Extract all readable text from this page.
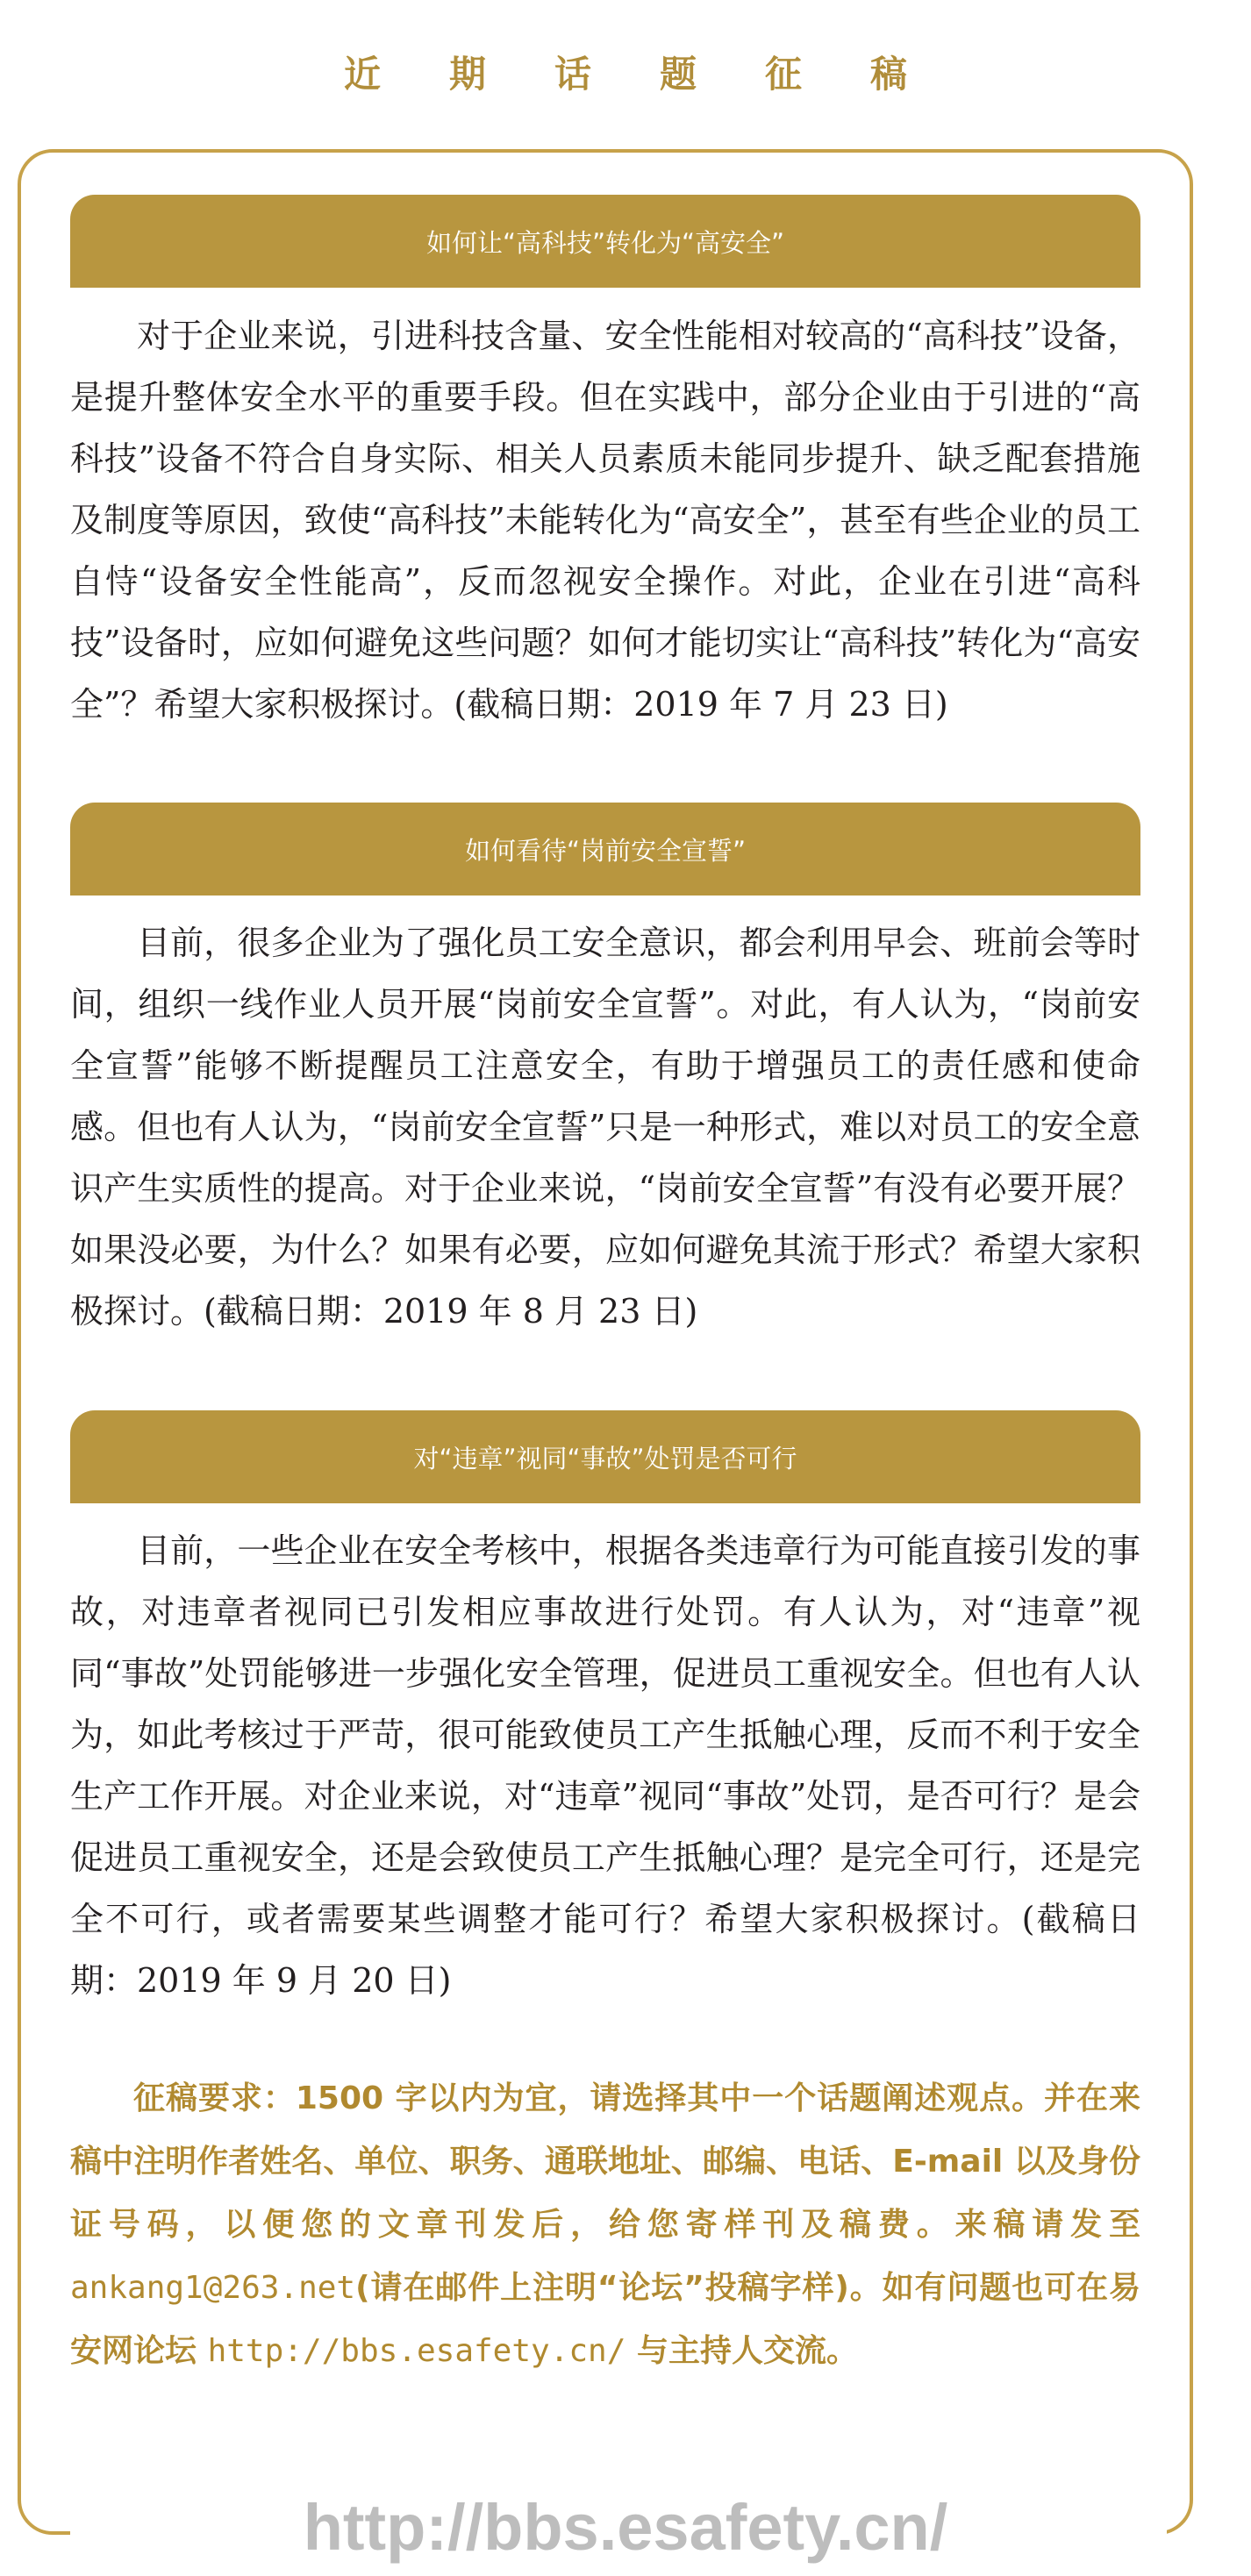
近期话题征稿
如何让“高科技”转化为“高安全”

对于企业来说，引进科技含量、安全性能相对较高的“高科技”设备，是提升整体安全水平的重要手段。但在实践中，部分企业由于引进的“高科技”设备不符合自身实际、相关人员素质未能同步提升、缺乏配套措施及制度等原因，致使“高科技”未能转化为“高安全”，甚至有些企业的员工自恃“设备安全性能高”，反而忽视安全操作。对此，企业在引进“高科技”设备时，应如何避免这些问题？如何才能切实让“高科技”转化为“高安全”？希望大家积极探讨。(截稿日期：2019 年 7 月 23 日)

如何看待“岗前安全宣誓”

目前，很多企业为了强化员工安全意识，都会利用早会、班前会等时间，组织一线作业人员开展“岗前安全宣誓”。对此，有人认为，“岗前安全宣誓”能够不断提醒员工注意安全，有助于增强员工的责任感和使命感。但也有人认为，“岗前安全宣誓”只是一种形式，难以对员工的安全意识产生实质性的提高。对于企业来说，“岗前安全宣誓”有没有必要开展？如果没必要，为什么？如果有必要，应如何避免其流于形式？希望大家积极探讨。(截稿日期：2019 年 8 月 23 日)

对“违章”视同“事故”处罚是否可行

目前，一些企业在安全考核中，根据各类违章行为可能直接引发的事故，对违章者视同已引发相应事故进行处罚。有人认为，对“违章”视同“事故”处罚能够进一步强化安全管理，促进员工重视安全。但也有人认为，如此考核过于严苛，很可能致使员工产生抵触心理，反而不利于安全生产工作开展。对企业来说，对“违章”视同“事故”处罚，是否可行？是会促进员工重视安全，还是会致使员工产生抵触心理？是完全可行，还是完全不可行，或者需要某些调整才能可行？希望大家积极探讨。(截稿日期：2019 年 9 月 20 日)

征稿要求：1500 字以内为宜，请选择其中一个话题阐述观点。并在来稿中注明作者姓名、单位、职务、通联地址、邮编、电话、E-mail 以及身份证号码，以便您的文章刊发后，给您寄样刊及稿费。来稿请发至ankang1@263.net(请在邮件上注明“论坛”投稿字样)。如有问题也可在易安网论坛 http://bbs.esafety.cn/ 与主持人交流。

http://bbs.esafety.cn/
